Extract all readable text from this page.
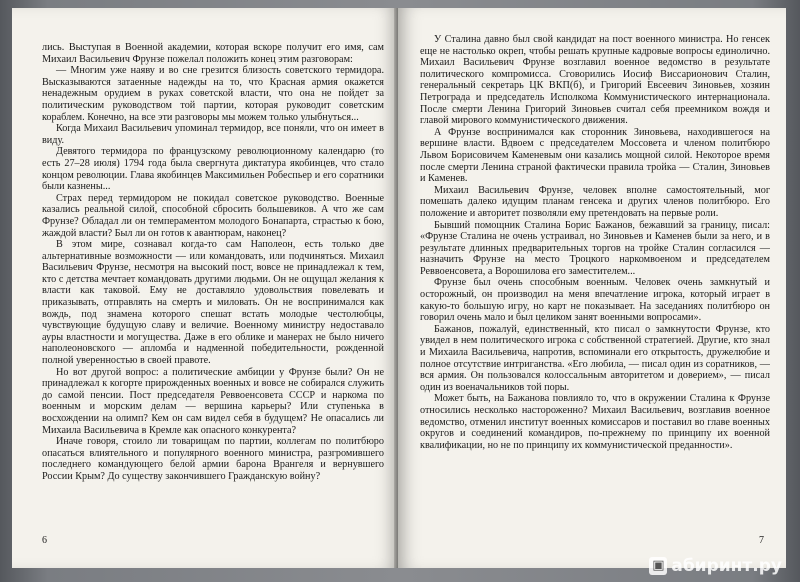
лись. Выступая в Военной академии, которая вскоре получит его имя, сам Михаил Васильевич Фрунзе пожелал положить конец этим разговорам:

— Многим уже наяву и во сне грезится близость советского термидора. Высказываются затаенные надежды на то, что Красная армия окажется ненадежным орудием в руках советской власти, что она не пойдет за политическим руководством той партии, которая руководит советским кораблем. Конечно, на все эти разговоры мы можем только улыбнуться...

Когда Михаил Васильевич упоминал термидор, все поняли, что он имеет в виду.

Девятого термидора по французскому революционному календарю (то есть 27–28 июля) 1794 года была свергнута диктатура якобинцев, что стало концом революции. Глава якобинцев Максимильен Робеспьер и его соратники были казнены...

Страх перед термидором не покидал советское руководство. Военные казались реальной силой, способной сбросить большевиков. А что же сам Фрунзе? Обладал ли он темпераментом молодого Бонапарта, страстью к бою, жаждой власти? Был ли он готов к авантюрам, наконец?

В этом мире, сознавал когда-то сам Наполеон, есть только две альтернативные возможности — или командовать, или подчиняться. Михаил Васильевич Фрунзе, несмотря на высокий пост, вовсе не принадлежал к тем, кто с детства мечтает командовать другими людьми. Он не ощущал желания к власти как таковой. Ему не доставляло удовольствия повелевать и приказывать, отправлять на смерть и миловать. Он не воспринимался как вождь, под знамена которого спешат встать молодые честолюбцы, чувствующие будущую славу и величие. Военному министру недоставало ауры властности и могущества. Даже в его облике и манерах не было ничего наполеоновского — апломба и надменной победительности, рожденной полной уверенностью в своей правоте.

Но вот другой вопрос: а политические амбиции у Фрунзе были? Он не принадлежал к когорте прирожденных военных и вовсе не собирался служить до самой пенсии. Пост председателя Реввоенсовета СССР и наркома по военным и морским делам — вершина карьеры? Или ступенька в восхождении на олимп? Кем он сам видел себя в будущем? Не опасались ли Михаила Васильевича в Кремле как опасного конкурента?

Иначе говоря, стоило ли товарищам по партии, коллегам по политбюро опасаться влиятельного и популярного военного министра, разгромившего последнего командующего белой армии барона Врангеля и вернувшего России Крым? До существу закончившего Гражданскую войну?

6

У Сталина давно был свой кандидат на пост военного министра. Но генсек еще не настолько окреп, чтобы решать крупные кадровые вопросы единолично. Михаил Васильевич Фрунзе возглавил военное ведомство в результате политического компромисса. Сговорились Иосиф Виссарионович Сталин, генеральный секретарь ЦК ВКП(б), и Григорий Евсеевич Зиновьев, хозяин Петрограда и председатель Исполкома Коммунистического интернационала. После смерти Ленина Григорий Зиновьев считал себя преемником вождя и главой мирового коммунистического движения.

А Фрунзе воспринимался как сторонник Зиновьева, находившегося на вершине власти. Вдвоем с председателем Моссовета и членом политбюро Львом Борисовичем Каменевым они казались мощной силой. Некоторое время после смерти Ленина страной фактически правила тройка — Сталин, Зиновьев и Каменев.

Михаил Васильевич Фрунзе, человек вполне самостоятельный, мог помешать далеко идущим планам генсека и других членов политбюро. Его положение и авторитет позволяли ему претендовать на первые роли.

Бывший помощник Сталина Борис Бажанов, бежавший за границу, писал: «Фрунзе Сталина не очень устраивал, но Зиновьев и Каменев были за него, и в результате длинных предварительных торгов на тройке Сталин согласился — назначить Фрунзе на место Троцкого наркомвоеном и председателем Реввоенсовета, а Ворошилова его заместителем...

Фрунзе был очень способным военным. Человек очень замкнутый и осторожный, он производил на меня впечатление игрока, который играет в какую-то большую игру, но карт не показывает. На заседаниях политбюро он говорил очень мало и был целиком занят военными вопросами».

Бажанов, пожалуй, единственный, кто писал о замкнутости Фрунзе, кто увидел в нем политического игрока с собственной стратегией. Другие, кто знал и Михаила Васильевича, напротив, вспоминали его открытость, дружелюбие и полное отсутствие интриганства. «Его любила, — писал один из соратников, — вся армия. Он пользовался колоссальным авторитетом и доверием», — писал один из военачальников той поры.

Может быть, на Бажанова повлияло то, что в окружении Сталина к Фрунзе относились несколько настороженно? Михаил Васильевич, возглавив военное ведомство, отменил институт военных комиссаров и поставил во главе военных округов и соединений командиров, по-прежнему по принципу их военной квалификации, но не по принципу их коммунистической преданности».

7
▣ абиринт.ру
